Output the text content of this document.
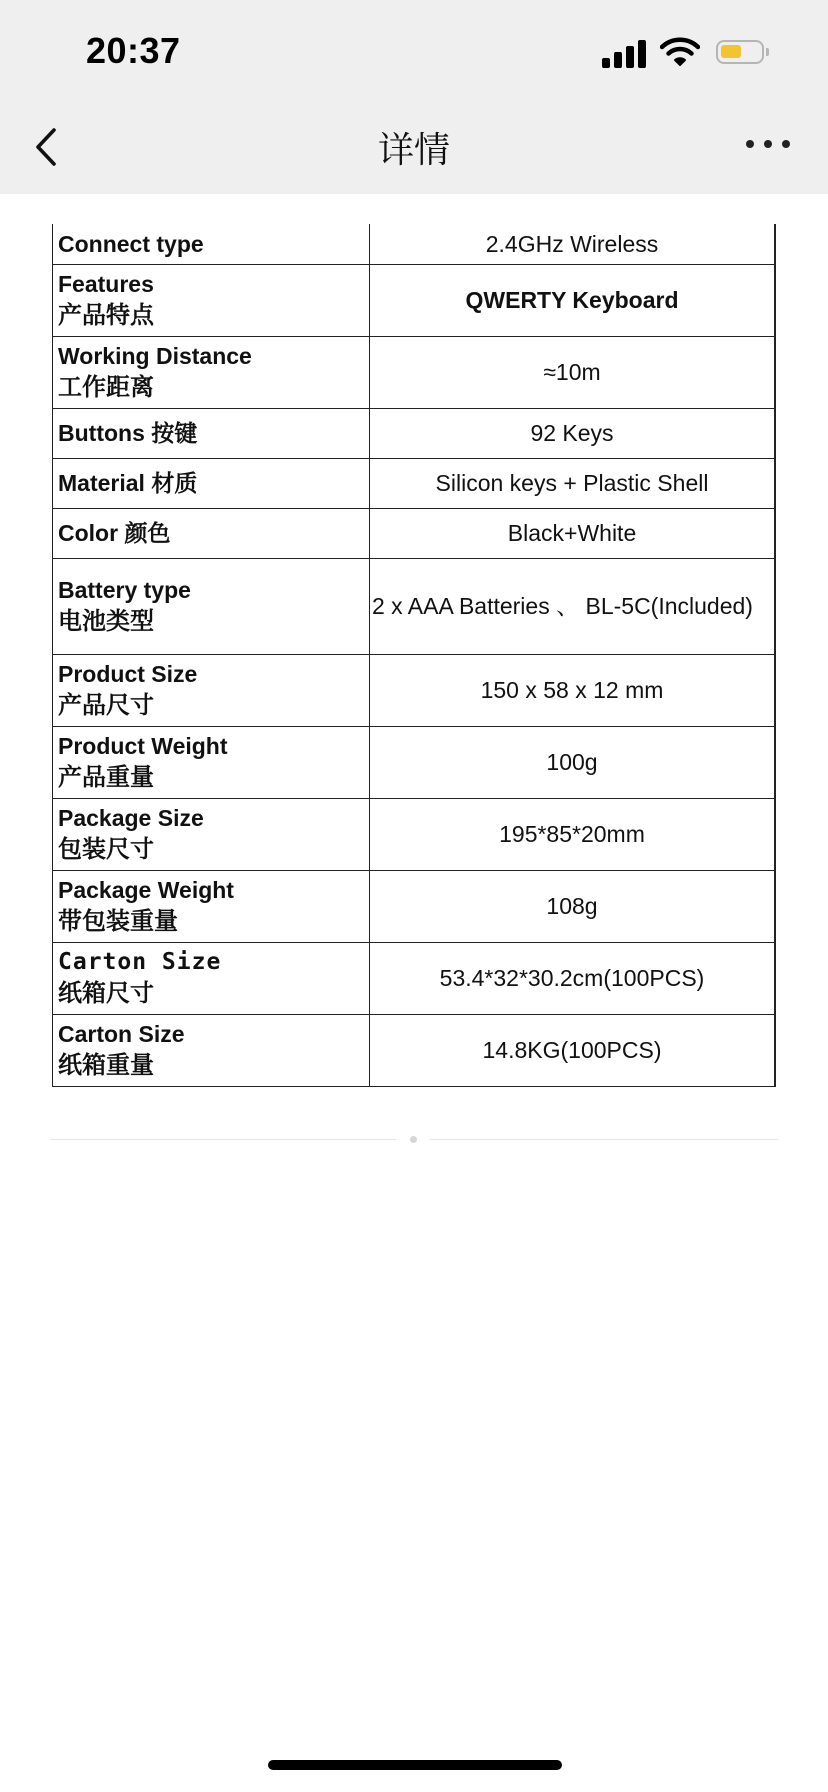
20:37
详情
Connect type	2.4GHz Wireless

Features
产品特点	QWERTY Keyboard

Working Distance
工作距离	≈10m
Buttons 按键	92 Keys
Material 材质	Silicon keys + Plastic Shell
Color 颜色	Black+White

Battery type
电池类型	2 x AAA Batteries 、 BL-5C(Included)

Product Size
产品尺寸	150 x 58 x 12 mm

Product Weight
产品重量	100g

Package Size
包装尺寸	195*85*20mm

Package Weight
带包装重量	108g

Carton Size
纸箱尺寸	53.4*32*30.2cm(100PCS)

Carton Size
纸箱重量	14.8KG(100PCS)
